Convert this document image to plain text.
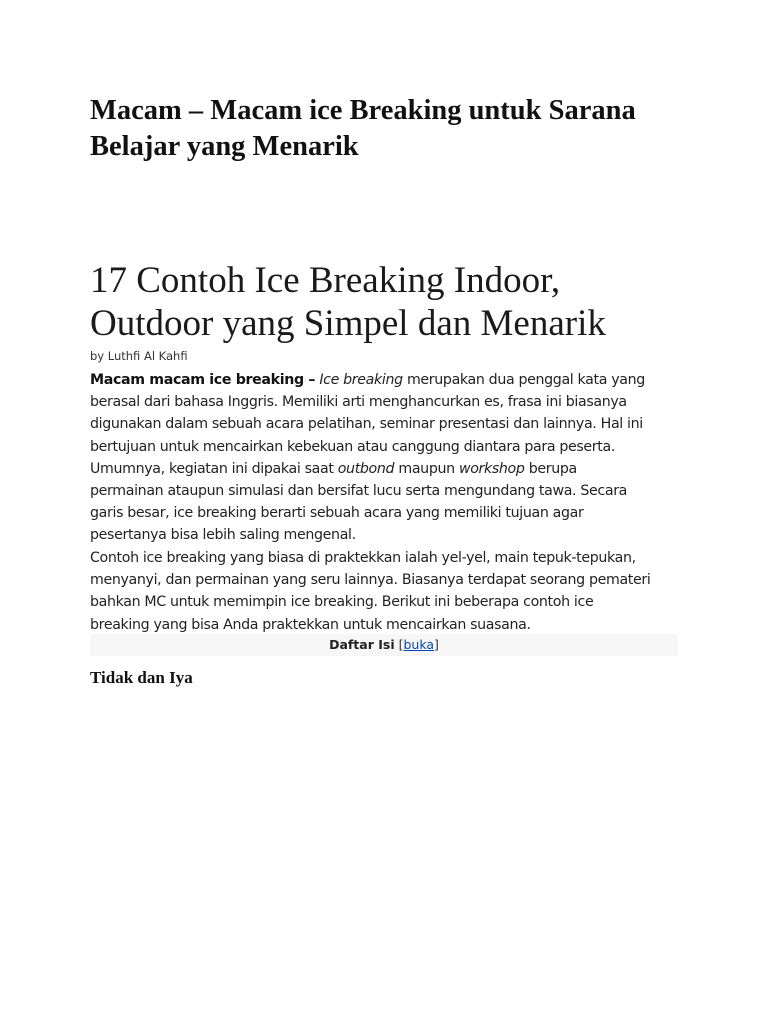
Macam – Macam ice Breaking untuk Sarana Belajar yang Menarik
17 Contoh Ice Breaking Indoor, Outdoor yang Simpel dan Menarik

by Luthfi Al Kahfi

Macam macam ice breaking – Ice breaking merupakan dua penggal kata yang
berasal dari bahasa Inggris. Memiliki arti menghancurkan es, frasa ini biasanya
digunakan dalam sebuah acara pelatihan, seminar presentasi dan lainnya. Hal ini
bertujuan untuk mencairkan kebekuan atau canggung diantara para peserta.
Umumnya, kegiatan ini dipakai saat outbond maupun workshop berupa
permainan ataupun simulasi dan bersifat lucu serta mengundang tawa. Secara
garis besar, ice breaking berarti sebuah acara yang memiliki tujuan agar
pesertanya bisa lebih saling mengenal.
Contoh ice breaking yang biasa di praktekkan ialah yel-yel, main tepuk-tepukan,
menyanyi, dan permainan yang seru lainnya. Biasanya terdapat seorang pemateri
bahkan MC untuk memimpin ice breaking. Berikut ini beberapa contoh ice
breaking yang bisa Anda praktekkan untuk mencairkan suasana.
Daftar Isi [buka]
Tidak dan Iya
